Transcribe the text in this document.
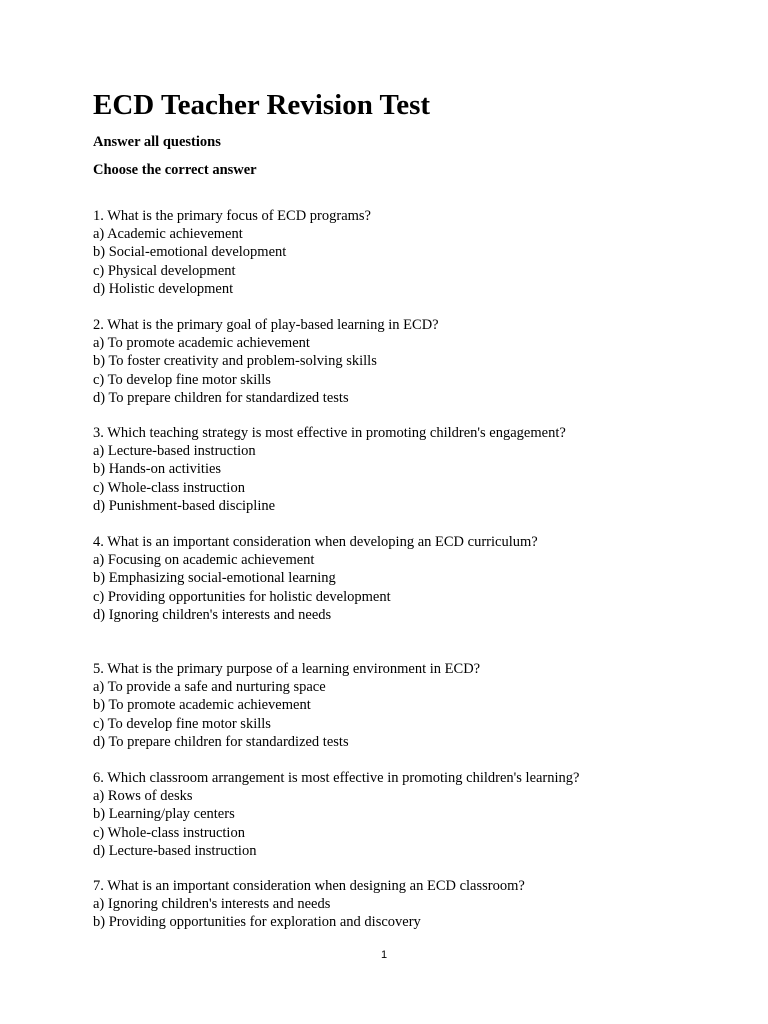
ECD Teacher Revision Test

Answer all questions

Choose the correct answer

1. What is the primary focus of ECD programs?
a) Academic achievement
b) Social-emotional development
c) Physical development
d) Holistic development
2. What is the primary goal of play-based learning in ECD?
a) To promote academic achievement
b) To foster creativity and problem-solving skills
c) To develop fine motor skills
d) To prepare children for standardized tests
3. Which teaching strategy is most effective in promoting children's engagement?
a) Lecture-based instruction
b) Hands-on activities
c) Whole-class instruction
d) Punishment-based discipline
4. What is an important consideration when developing an ECD curriculum?
a) Focusing on academic achievement
b) Emphasizing social-emotional learning
c) Providing opportunities for holistic development
d) Ignoring children's interests and needs
5. What is the primary purpose of a learning environment in ECD?
a) To provide a safe and nurturing space
b) To promote academic achievement
c) To develop fine motor skills
d) To prepare children for standardized tests
6. Which classroom arrangement is most effective in promoting children's learning?
a) Rows of desks
b) Learning/play centers
c) Whole-class instruction
d) Lecture-based instruction
7. What is an important consideration when designing an ECD classroom?
a) Ignoring children's interests and needs
b) Providing opportunities for exploration and discovery
1
